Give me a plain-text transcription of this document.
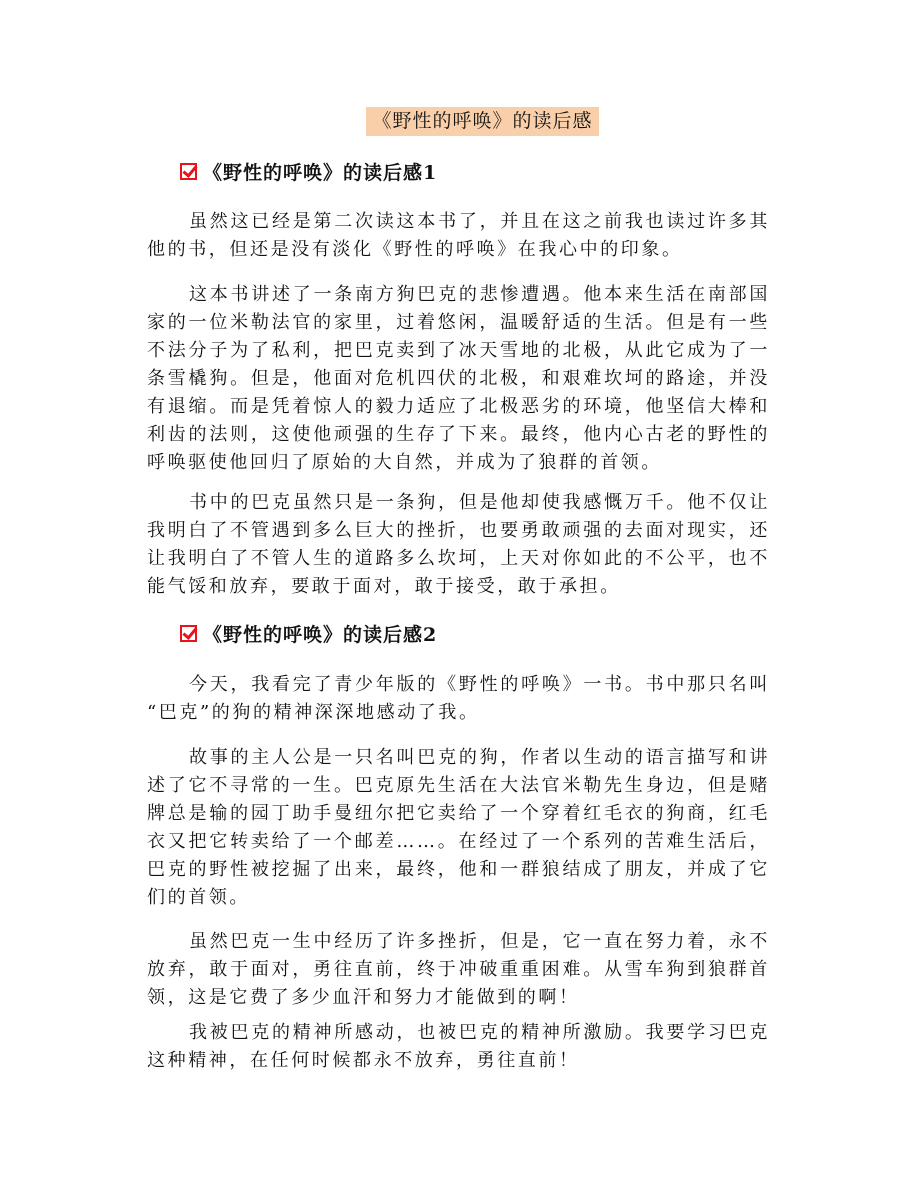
《野性的呼唤》的读后感
《野性的呼唤》的读后感1
虽然这已经是第二次读这本书了，并且在这之前我也读过许多其
他的书，但还是没有淡化《野性的呼唤》在我心中的印象。
这本书讲述了一条南方狗巴克的悲惨遭遇。他本来生活在南部国
家的一位米勒法官的家里，过着悠闲，温暖舒适的生活。但是有一些
不法分子为了私利，把巴克卖到了冰天雪地的北极，从此它成为了一
条雪橇狗。但是，他面对危机四伏的北极，和艰难坎坷的路途，并没
有退缩。而是凭着惊人的毅力适应了北极恶劣的环境，他坚信大棒和
利齿的法则，这使他顽强的生存了下来。最终，他内心古老的野性的
呼唤驱使他回归了原始的大自然，并成为了狼群的首领。
书中的巴克虽然只是一条狗，但是他却使我感慨万千。他不仅让
我明白了不管遇到多么巨大的挫折，也要勇敢顽强的去面对现实，还
让我明白了不管人生的道路多么坎坷，上天对你如此的不公平，也不
能气馁和放弃，要敢于面对，敢于接受，敢于承担。
《野性的呼唤》的读后感2
今天，我看完了青少年版的《野性的呼唤》一书。书中那只名叫
“巴克”的狗的精神深深地感动了我。
故事的主人公是一只名叫巴克的狗，作者以生动的语言描写和讲
述了它不寻常的一生。巴克原先生活在大法官米勒先生身边，但是赌
牌总是输的园丁助手曼纽尔把它卖给了一个穿着红毛衣的狗商，红毛
衣又把它转卖给了一个邮差……。在经过了一个系列的苦难生活后，
巴克的野性被挖掘了出来，最终，他和一群狼结成了朋友，并成了它
们的首领。
虽然巴克一生中经历了许多挫折，但是，它一直在努力着，永不
放弃，敢于面对，勇往直前，终于冲破重重困难。从雪车狗到狼群首
领，这是它费了多少血汗和努力才能做到的啊！
我被巴克的精神所感动，也被巴克的精神所激励。我要学习巴克
这种精神，在任何时候都永不放弃，勇往直前！
